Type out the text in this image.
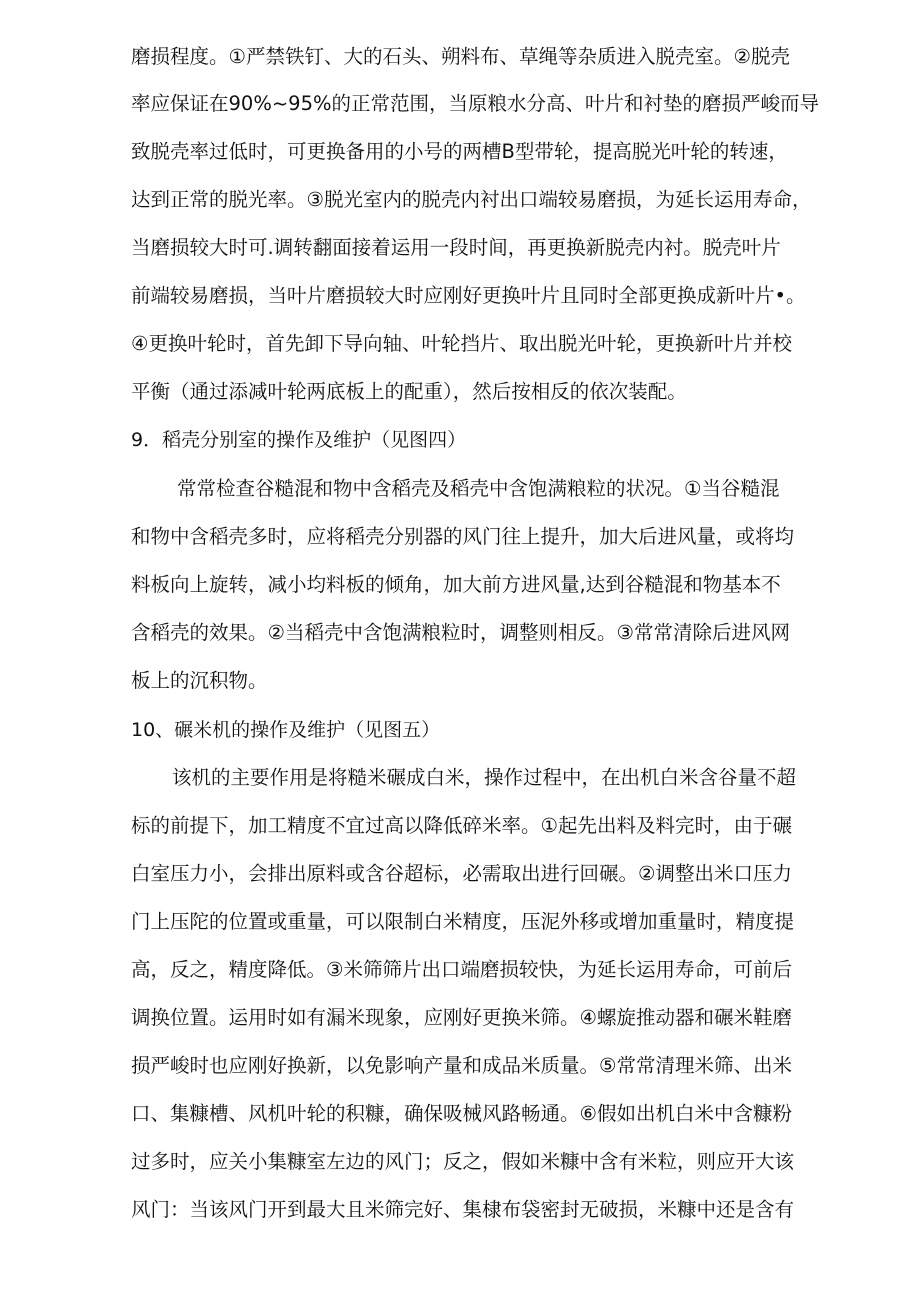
磨损程度。①严禁铁钉、大的石头、朔料布、草绳等杂质进入脱壳室。②脱壳
率应保证在90%~95%的正常范围，当原粮水分高、叶片和衬垫的磨损严峻而导
致脱壳率过低时，可更换备用的小号的两槽B型带轮，提高脱光叶轮的转速，
达到正常的脱光率。③脱光室内的脱壳内衬出口端较易磨损，为延长运用寿命，
当磨损较大时可.调转翻面接着运用一段时间，再更换新脱壳内衬。脱壳叶片
前端较易磨损，当叶片磨损较大时应刚好更换叶片且同时全部更换成新叶片•。
④更换叶轮时，首先卸下导向轴、叶轮挡片、取出脱光叶轮，更换新叶片并校
平衡（通过添减叶轮两底板上的配重），然后按相反的依次装配。
9．稻壳分别室的操作及维护（见图四）
常常检查谷糙混和物中含稻壳及稻壳中含饱满粮粒的状况。①当谷糙混
和物中含稻壳多时，应将稻壳分别器的风门往上提升，加大后进风量，或将均
料板向上旋转，减小均料板的倾角，加大前方进风量,达到谷糙混和物基本不
含稻壳的效果。②当稻壳中含饱满粮粒时，调整则相反。③常常清除后进风网
板上的沉积物。
10、碾米机的操作及维护（见图五）
该机的主要作用是将糙米碾成白米，操作过程中，在出机白米含谷量不超
标的前提下，加工精度不宜过高以降低碎米率。①起先出料及料完时，由于碾
白室压力小，会排出原料或含谷超标，必需取出进行回碾。②调整出米口压力
门上压陀的位置或重量，可以限制白米精度，压泥外移或增加重量时，精度提
高，反之，精度降低。③米筛筛片出口端磨损较快，为延长运用寿命，可前后
调换位置。运用时如有漏米现象，应刚好更换米筛。④螺旋推动器和碾米鞋磨
损严峻时也应刚好换新，以免影响产量和成品米质量。⑤常常清理米筛、出米
口、集糠槽、风机叶轮的积糠，确保吸械风路畅通。⑥假如出机白米中含糠粉
过多时，应关小集糠室左边的风门；反之，假如米糠中含有米粒，则应开大该
风门：当该风门开到最大且米筛完好、集棣布袋密封无破损，米糠中还是含有
